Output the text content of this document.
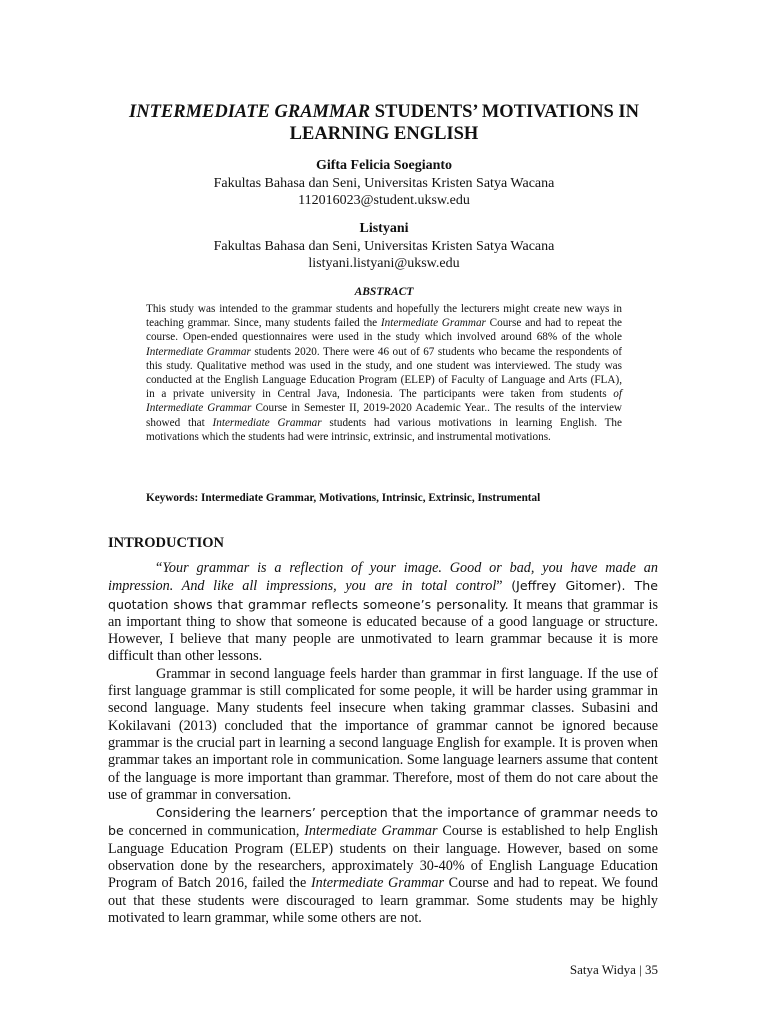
INTERMEDIATE GRAMMAR STUDENTS’ MOTIVATIONS IN
LEARNING ENGLISH
Gifta Felicia Soegianto
Fakultas Bahasa dan Seni, Universitas Kristen Satya Wacana
112016023@student.uksw.edu
Listyani
Fakultas Bahasa dan Seni, Universitas Kristen Satya Wacana
listyani.listyani@uksw.edu
ABSTRACT
This study was intended to the grammar students and hopefully the lecturers might create new ways in teaching grammar. Since, many students failed the Intermediate Grammar Course and had to repeat the course. Open-ended questionnaires were used in the study which involved around 68% of the whole Intermediate Grammar students 2020. There were 46 out of 67 students who became the respondents of this study. Qualitative method was used in the study, and one student was interviewed. The study was conducted at the English Language Education Program (ELEP) of Faculty of Language and Arts (FLA), in a private university in Central Java, Indonesia. The participants were taken from students of Intermediate Grammar Course in Semester II, 2019-2020 Academic Year.. The results of the interview showed that Intermediate Grammar students had various motivations in learning English. The motivations which the students had were intrinsic, extrinsic, and instrumental motivations.
Keywords: Intermediate Grammar, Motivations, Intrinsic, Extrinsic, Instrumental
INTRODUCTION

“Your grammar is a reflection of your image. Good or bad, you have made an impression. And like all impressions, you are in total control” (Jeffrey Gitomer). The quotation shows that grammar reflects someone’s personality. It means that grammar is an important thing to show that someone is educated because of a good language or structure. However, I believe that many people are unmotivated to learn grammar because it is more difficult than other lessons.

Grammar in second language feels harder than grammar in first language. If the use of first language grammar is still complicated for some people, it will be harder using grammar in second language. Many students feel insecure when taking grammar classes. Subasini and Kokilavani (2013) concluded that the importance of grammar cannot be ignored because grammar is the crucial part in learning a second language English for example. It is proven when grammar takes an important role in communication. Some language learners assume that content of the language is more important than grammar. Therefore, most of them do not care about the use of grammar in conversation.

Considering the learners’ perception that the importance of grammar needs to be concerned in communication, Intermediate Grammar Course is established to help English Language Education Program (ELEP) students on their language. However, based on some observation done by the researchers, approximately 30-40% of English Language Education Program of Batch 2016, failed the Intermediate Grammar Course and had to repeat. We found out that these students were discouraged to learn grammar. Some students may be highly motivated to learn grammar, while some others are not.

Satya Widya | 35
